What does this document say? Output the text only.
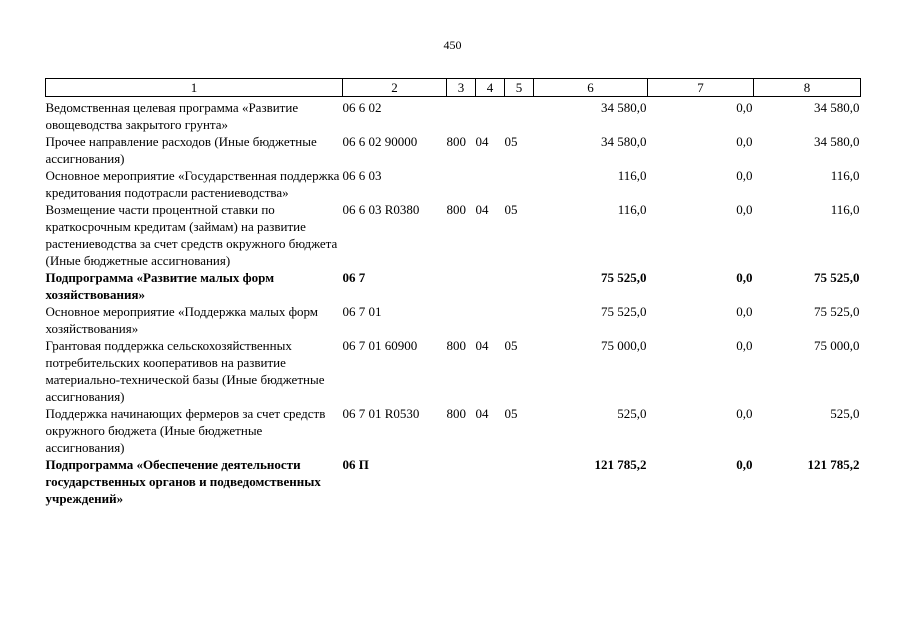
450
1	2	3	4	5	6	7	8
Ведомственная целевая программа «Развитие овощеводства закрытого грунта»	06 6 02				34 580,0	0,0	34 580,0
Прочее направление расходов (Иные бюджетные ассигнования)	06 6 02 90000	800	04	05	34 580,0	0,0	34 580,0
Основное мероприятие «Государственная поддержка кредитования подотрасли растениеводства»	06 6 03				116,0	0,0	116,0
Возмещение части процентной ставки по краткосрочным кредитам (займам) на развитие растениеводства за счет средств окружного бюджета (Иные бюджетные ассигнования)	06 6 03 R0380	800	04	05	116,0	0,0	116,0
Подпрограмма «Развитие малых форм хозяйствования»	06 7				75 525,0	0,0	75 525,0
Основное мероприятие «Поддержка малых форм хозяйствования»	06 7 01				75 525,0	0,0	75 525,0
Грантовая поддержка сельскохозяйственных потребительских кооперативов на развитие материально-технической базы (Иные бюджетные ассигнования)	06 7 01 60900	800	04	05	75 000,0	0,0	75 000,0
Поддержка начинающих фермеров за счет средств окружного бюджета (Иные бюджетные ассигнования)	06 7 01 R0530	800	04	05	525,0	0,0	525,0
Подпрограмма «Обеспечение деятельности государственных органов и подведомственных учреждений»	06 П				121 785,2	0,0	121 785,2
